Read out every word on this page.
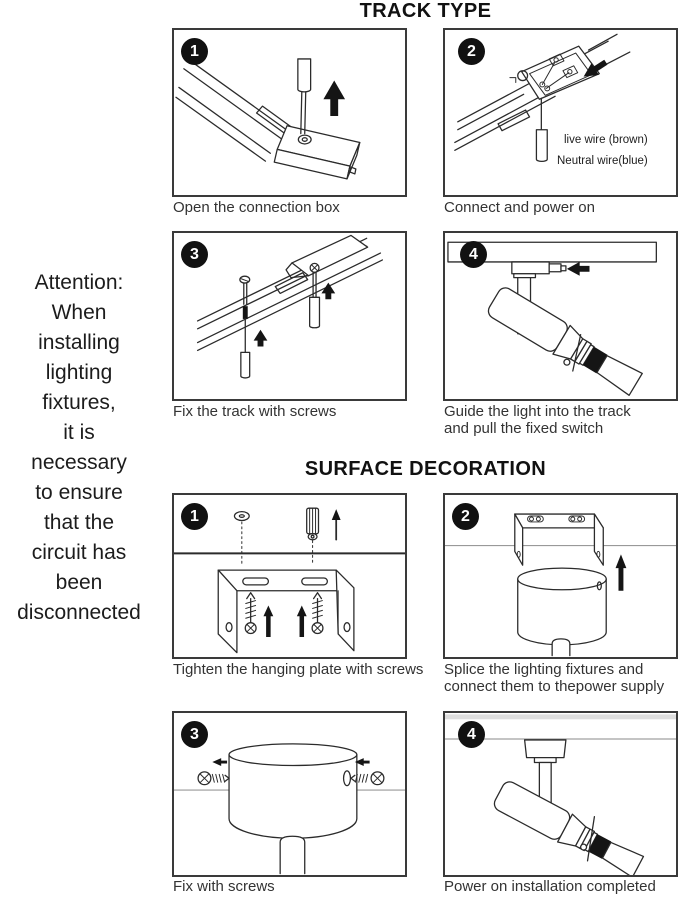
TRACK TYPE
SURFACE DECORATION
Attention:
When
installing
lighting
fixtures,
it is
necessary
to ensure
that the
circuit has
been
disconnected
1
Open the connection box
2
live wire (brown)
Neutral wire(blue)
Connect and power on
3
Fix the track with screws
4
Guide the light into the track
and pull the fixed switch
1
Tighten the hanging plate with screws
2
Splice the lighting fixtures and
connect them to thepower supply
3
Fix with screws
4
Power on installation completed
